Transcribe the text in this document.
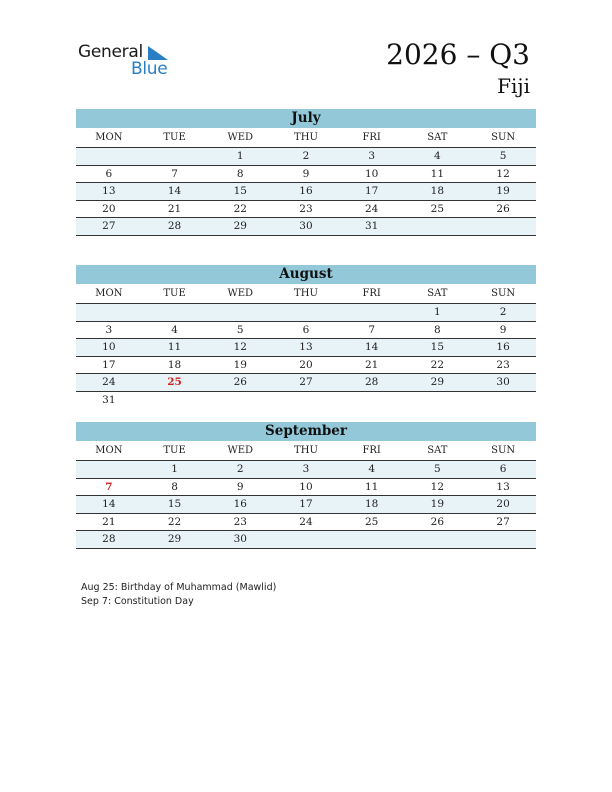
General
Blue	2026 – Q3
Fiji
July
MON	TUE	WED	THU	FRI	SAT	SUN
		1	2	3	4	5
6	7	8	9	10	11	12
13	14	15	16	17	18	19
20	21	22	23	24	25	26
27	28	29	30	31		
August
MON	TUE	WED	THU	FRI	SAT	SUN
					1	2
3	4	5	6	7	8	9
10	11	12	13	14	15	16
17	18	19	20	21	22	23
24	25	26	27	28	29	30
31						
September
MON	TUE	WED	THU	FRI	SAT	SUN
	1	2	3	4	5	6
7	8	9	10	11	12	13
14	15	16	17	18	19	20
21	22	23	24	25	26	27
28	29	30				
Aug 25: Birthday of Muhammad (Mawlid)
Sep 7: Constitution Day
